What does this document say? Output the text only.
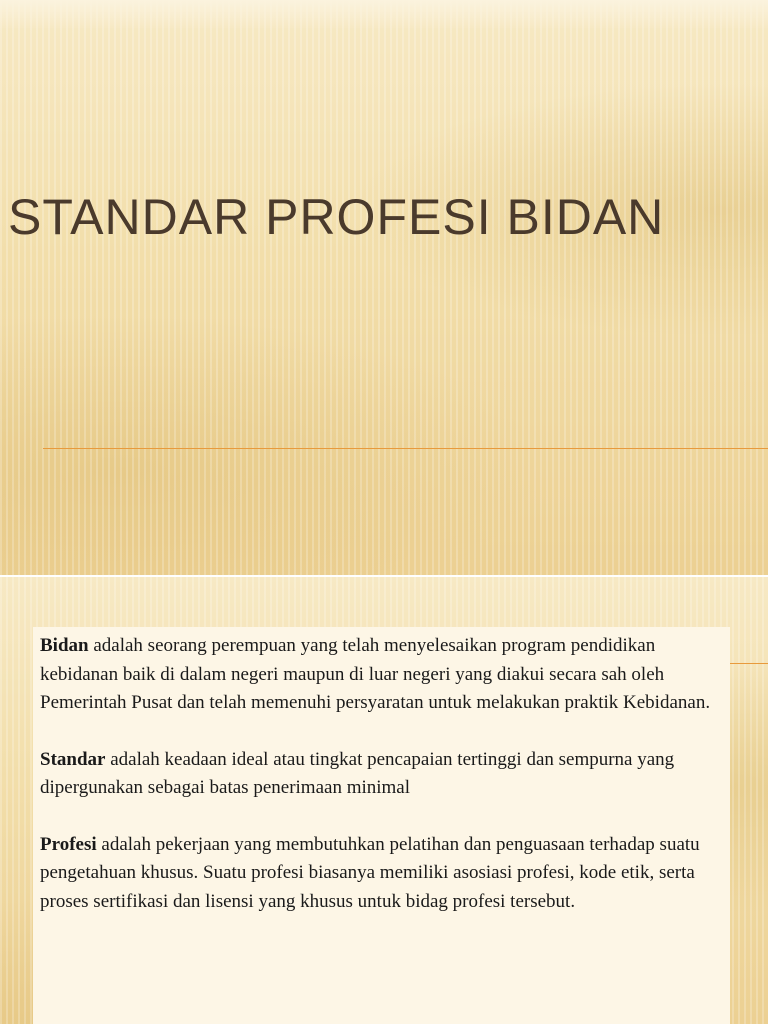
STANDAR PROFESI BIDAN

Bidan adalah seorang perempuan yang telah menyelesaikan program pendidikan kebidanan baik di dalam negeri maupun di luar negeri yang diakui secara sah oleh Pemerintah Pusat dan telah memenuhi persyaratan untuk melakukan praktik Kebidanan.

Standar adalah keadaan ideal atau tingkat pencapaian tertinggi dan sempurna yang dipergunakan sebagai batas penerimaan minimal

Profesi adalah pekerjaan yang membutuhkan pelatihan dan penguasaan terhadap suatu pengetahuan khusus. Suatu profesi biasanya memiliki asosiasi profesi, kode etik, serta proses sertifikasi dan lisensi yang khusus untuk bidag profesi tersebut.
